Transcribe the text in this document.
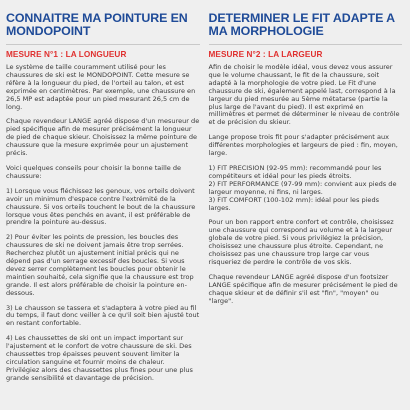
CONNAITRE MA POINTURE EN MONDOPOINT
MESURE N°1 : LA LONGUEUR

Le système de taille couramment utilisé pour les chaussures de ski est le MONDOPOINT. Cette mesure se réfère à la longueur du pied, de l'orteil au talon, et est exprimée en centimètres. Par exemple, une chaussure en 26,5 MP est adaptée pour un pied mesurant 26,5 cm de long.

Chaque revendeur LANGE agréé dispose d'un mesureur de pied spécifique afin de mesurer précisément la longueur de pied de chaque skieur. Choisissez la même pointure de chaussure que la mesure exprimée pour un ajustement précis.

Voici quelques conseils pour choisir la bonne taille de chaussure:

1) Lorsque vous fléchissez les genoux, vos orteils doivent avoir un minimum d'espace contre l'extrémité de la chaussure. Si vos orteils touchent le bout de la chaussure lorsque vous êtes penchés en avant, il est préférable de prendre la pointure au-dessus.

2) Pour éviter les points de pression, les boucles des chaussures de ski ne doivent jamais être trop serrées. Recherchez plutôt un ajustement initial précis qui ne dépend pas d'un serrage excessif des boucles. Si vous devez serrer complètement les boucles pour obtenir le maintien souhaité, cela signifie que la chaussure est trop grande. Il est alors préférable de choisir la pointure en-dessous.

3) Le chausson se tassera et s'adaptera à votre pied au fil du temps, il faut donc veiller à ce qu'il soit bien ajusté tout en restant confortable.

4) Les chaussettes de ski ont un impact important sur l'ajustement et le confort de votre chaussure de ski. Des chaussettes trop épaisses peuvent souvent limiter la circulation sanguine et fournir moins de chaleur. Privilégiez alors des chaussettes plus fines pour une plus grande sensibilité et davantage de précision.

DETERMINER LE FIT ADAPTE A MA MORPHOLOGIE
MESURE N°2 : LA LARGEUR

Afin de choisir le modèle idéal, vous devez vous assurer que le volume chaussant, le fit de la chaussure, soit adapté à la morphologie de votre pied. Le Fit d'une chaussure de ski, également appelé last, correspond à la largeur du pied mesurée au 5ème métatarse (partie la plus large de l'avant du pied). Il est exprimé en millimètres et permet de déterminer le niveau de contrôle et de précision du skieur.

Lange propose trois fit pour s'adapter précisément aux différentes morphologies et largeurs de pied : fin, moyen, large.

1) FIT PRECISION (92-95 mm): recommandé pour les compétiteurs et idéal pour les pieds étroits.
2) FIT PERFORMANCE (97-99 mm): convient aux pieds de largeur moyenne, ni fins, ni larges.
3) FIT COMFORT (100-102 mm): idéal pour les pieds larges.

Pour un bon rapport entre confort et contrôle, choisissez une chaussure qui correspond au volume et à la largeur globale de votre pied. Si vous privilégiez la précision, choisissez une chaussure plus étroite. Cependant, ne choisissez pas une chaussure trop large car vous risqueriez de perdre le contrôle de vos skis.

Chaque revendeur LANGE agréé dispose d'un footsizer LANGE spécifique afin de mesurer précisément le pied de chaque skieur et de définir s'il est "fin", "moyen" ou "large".
